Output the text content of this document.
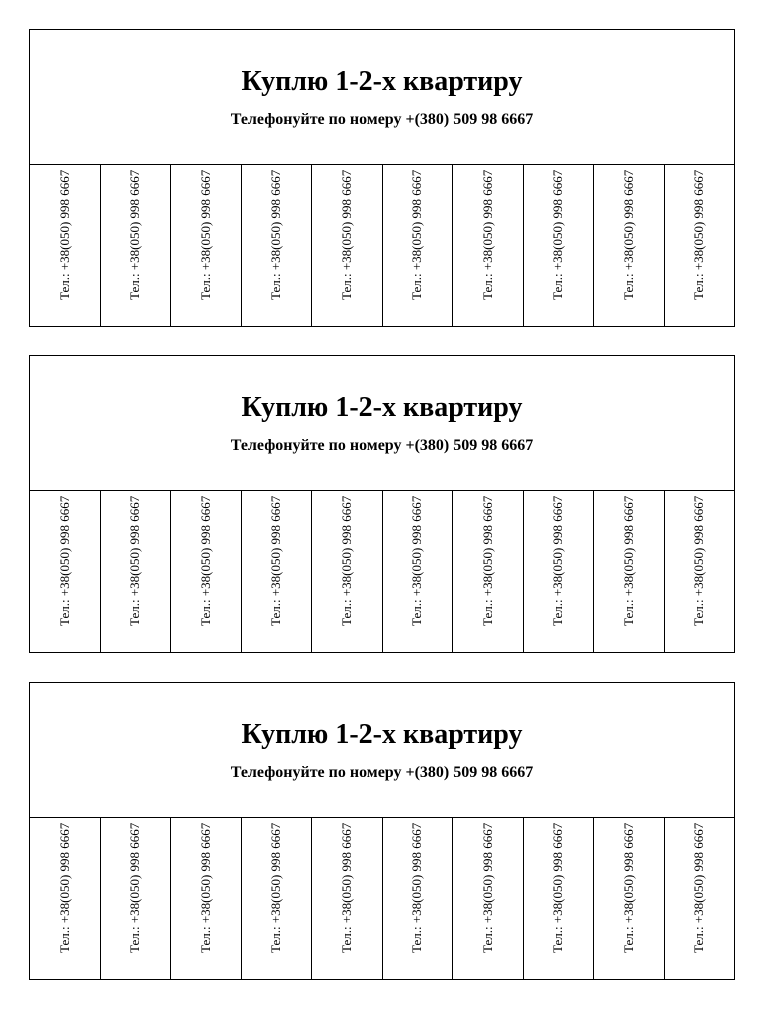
Куплю 1-2-х квартиру
Телефонуйте по номеру +(380) 509 98 6667
Тел.: +38(050) 998 6667	Тел.: +38(050) 998 6667	Тел.: +38(050) 998 6667	Тел.: +38(050) 998 6667	Тел.: +38(050) 998 6667	Тел.: +38(050) 998 6667	Тел.: +38(050) 998 6667	Тел.: +38(050) 998 6667	Тел.: +38(050) 998 6667	Тел.: +38(050) 998 6667
Куплю 1-2-х квартиру
Телефонуйте по номеру +(380) 509 98 6667
Тел.: +38(050) 998 6667	Тел.: +38(050) 998 6667	Тел.: +38(050) 998 6667	Тел.: +38(050) 998 6667	Тел.: +38(050) 998 6667	Тел.: +38(050) 998 6667	Тел.: +38(050) 998 6667	Тел.: +38(050) 998 6667	Тел.: +38(050) 998 6667	Тел.: +38(050) 998 6667
Куплю 1-2-х квартиру
Телефонуйте по номеру +(380) 509 98 6667
Тел.: +38(050) 998 6667	Тел.: +38(050) 998 6667	Тел.: +38(050) 998 6667	Тел.: +38(050) 998 6667	Тел.: +38(050) 998 6667	Тел.: +38(050) 998 6667	Тел.: +38(050) 998 6667	Тел.: +38(050) 998 6667	Тел.: +38(050) 998 6667	Тел.: +38(050) 998 6667
